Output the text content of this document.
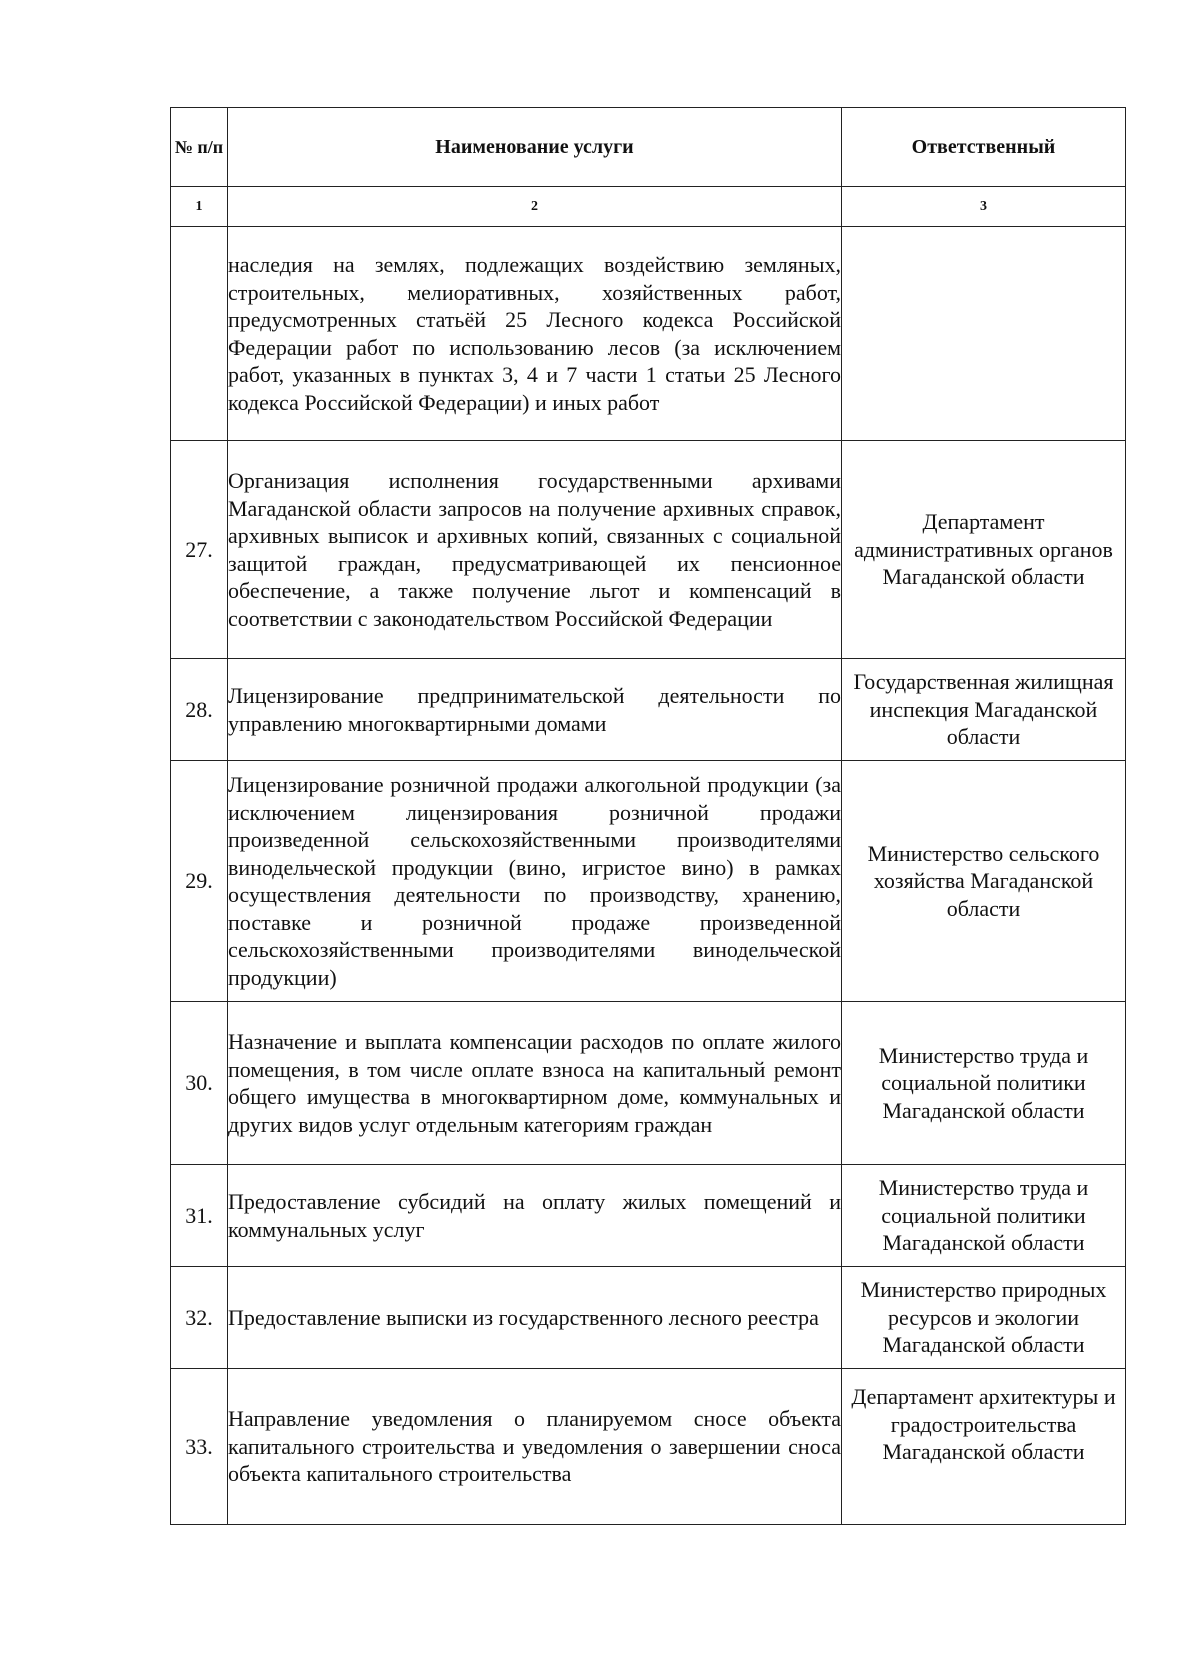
№ п/п	Наименование услуги	Ответственный
1	2	3
	наследия на землях, подлежащих воздействию земляных, строительных, мелиоративных, хозяйственных работ, предусмотренных статьёй 25 Лесного кодекса Российской Федерации работ по использованию лесов (за исключением работ, указанных в пунктах 3, 4 и 7 части 1 статьи 25 Лесного кодекса Российской Федерации) и иных работ	
27.	Организация исполнения государственными архивами Магаданской области запросов на получение архивных справок, архивных выписок и архивных копий, связанных с социальной защитой граждан, предусматривающей их пенсионное обеспечение, а также получение льгот и компенсаций в соответствии с законодательством Российской Федерации	Департамент административных органов Магаданской области
28.	Лицензирование предпринимательской деятельности по управлению многоквартирными домами	Государственная жилищная инспекция Магаданской области
29.	Лицензирование розничной продажи алкогольной продукции (за исключением лицензирования розничной продажи произведенной сельскохозяйственными производителями винодельческой продукции (вино, игристое вино) в рамках осуществления деятельности по производству, хранению, поставке и розничной продаже произведенной сельскохозяйственными производителями винодельческой продукции)	Министерство сельского хозяйства Магаданской области
30.	Назначение и выплата компенсации расходов по оплате жилого помещения, в том числе оплате взноса на капитальный ремонт общего имущества в многоквартирном доме, коммунальных и других видов услуг отдельным категориям граждан	Министерство труда и социальной политики Магаданской области
31.	Предоставление субсидий на оплату жилых помещений и коммунальных услуг	Министерство труда и социальной политики Магаданской области
32.	Предоставление выписки из государственного лесного реестра	Министерство природных ресурсов и экологии Магаданской области
33.	Направление уведомления о планируемом сносе объекта капитального строительства и уведомления о завершении сноса объекта капитального строительства	Департамент архитектуры и градостроительства Магаданской области
